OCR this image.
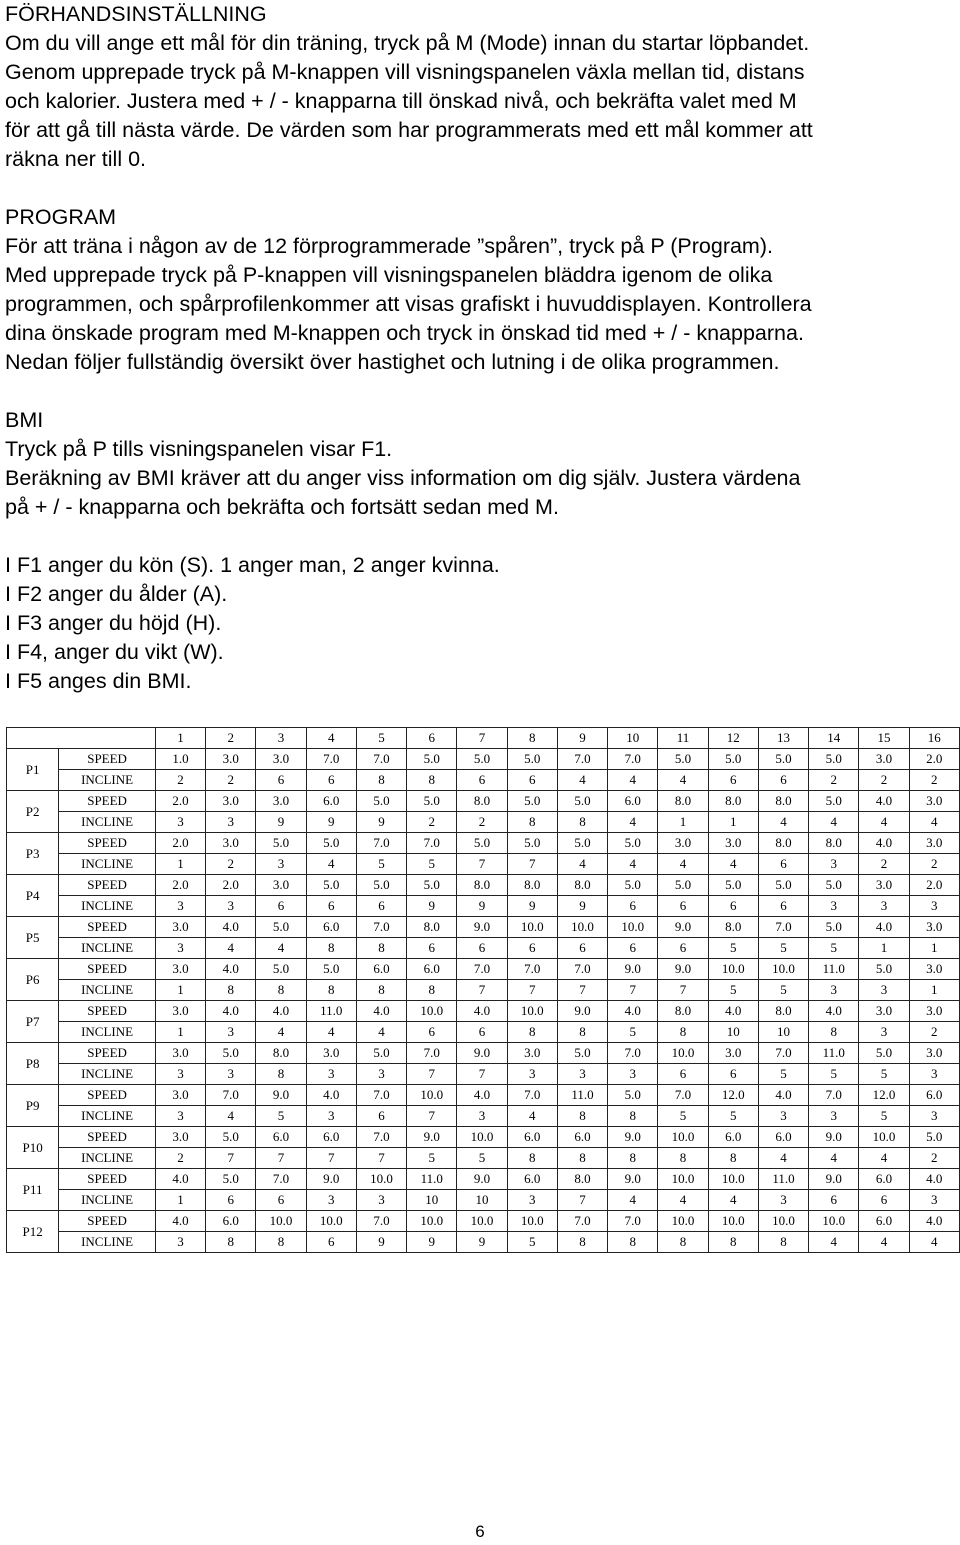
FÖRHANDSINSTÄLLNING

Om du vill ange ett mål för din träning, tryck på M (Mode) innan du startar löpbandet.

Genom upprepade tryck på M-knappen vill visningspanelen växla mellan tid, distans

och kalorier. Justera med + / - knapparna till önskad nivå, och bekräfta valet med M

för att gå till nästa värde. De värden som har programmerats med ett mål kommer att

räkna ner till 0.

PROGRAM

För att träna i någon av de 12 förprogrammerade ”spåren”, tryck på P (Program).

Med upprepade tryck på P-knappen vill visningspanelen bläddra igenom de olika

programmen, och spårprofilenkommer att visas grafiskt i huvuddisplayen. Kontrollera

dina önskade program med M-knappen och tryck in önskad tid med + / - knapparna.

Nedan följer fullständig översikt över hastighet och lutning i de olika programmen.

BMI

Tryck på P tills visningspanelen visar F1.

Beräkning av BMI kräver att du anger viss information om dig själv. Justera värdena

på + / - knapparna och bekräfta och fortsätt sedan med M.

I F1 anger du kön (S). 1 anger man, 2 anger kvinna.

I F2 anger du ålder (A).

I F3 anger du höjd (H).

I F4, anger du vikt (W).

I F5 anges din BMI.

		1	2	3	4	5	6	7	8	9	10	11	12	13	14	15	16
P1	SPEED	1.0	3.0	3.0	7.0	7.0	5.0	5.0	5.0	7.0	7.0	5.0	5.0	5.0	5.0	3.0	2.0
	INCLINE	2	2	6	6	8	8	6	6	4	4	4	6	6	2	2	2
P2	SPEED	2.0	3.0	3.0	6.0	5.0	5.0	8.0	5.0	5.0	6.0	8.0	8.0	8.0	5.0	4.0	3.0
	INCLINE	3	3	9	9	9	2	2	8	8	4	1	1	4	4	4	4
P3	SPEED	2.0	3.0	5.0	5.0	7.0	7.0	5.0	5.0	5.0	5.0	3.0	3.0	8.0	8.0	4.0	3.0
	INCLINE	1	2	3	4	5	5	7	7	4	4	4	4	6	3	2	2
P4	SPEED	2.0	2.0	3.0	5.0	5.0	5.0	8.0	8.0	8.0	5.0	5.0	5.0	5.0	5.0	3.0	2.0
	INCLINE	3	3	6	6	6	9	9	9	9	6	6	6	6	3	3	3
P5	SPEED	3.0	4.0	5.0	6.0	7.0	8.0	9.0	10.0	10.0	10.0	9.0	8.0	7.0	5.0	4.0	3.0
	INCLINE	3	4	4	8	8	6	6	6	6	6	6	5	5	5	1	1
P6	SPEED	3.0	4.0	5.0	5.0	6.0	6.0	7.0	7.0	7.0	9.0	9.0	10.0	10.0	11.0	5.0	3.0
	INCLINE	1	8	8	8	8	8	7	7	7	7	7	5	5	3	3	1
P7	SPEED	3.0	4.0	4.0	11.0	4.0	10.0	4.0	10.0	9.0	4.0	8.0	4.0	8.0	4.0	3.0	3.0
	INCLINE	1	3	4	4	4	6	6	8	8	5	8	10	10	8	3	2
P8	SPEED	3.0	5.0	8.0	3.0	5.0	7.0	9.0	3.0	5.0	7.0	10.0	3.0	7.0	11.0	5.0	3.0
	INCLINE	3	3	8	3	3	7	7	3	3	3	6	6	5	5	5	3
P9	SPEED	3.0	7.0	9.0	4.0	7.0	10.0	4.0	7.0	11.0	5.0	7.0	12.0	4.0	7.0	12.0	6.0
	INCLINE	3	4	5	3	6	7	3	4	8	8	5	5	3	3	5	3
P10	SPEED	3.0	5.0	6.0	6.0	7.0	9.0	10.0	6.0	6.0	9.0	10.0	6.0	6.0	9.0	10.0	5.0
	INCLINE	2	7	7	7	7	5	5	8	8	8	8	8	4	4	4	2
P11	SPEED	4.0	5.0	7.0	9.0	10.0	11.0	9.0	6.0	8.0	9.0	10.0	10.0	11.0	9.0	6.0	4.0
	INCLINE	1	6	6	3	3	10	10	3	7	4	4	4	3	6	6	3
P12	SPEED	4.0	6.0	10.0	10.0	7.0	10.0	10.0	10.0	7.0	7.0	10.0	10.0	10.0	10.0	6.0	4.0
	INCLINE	3	8	8	6	9	9	9	5	8	8	8	8	8	4	4	4
6
